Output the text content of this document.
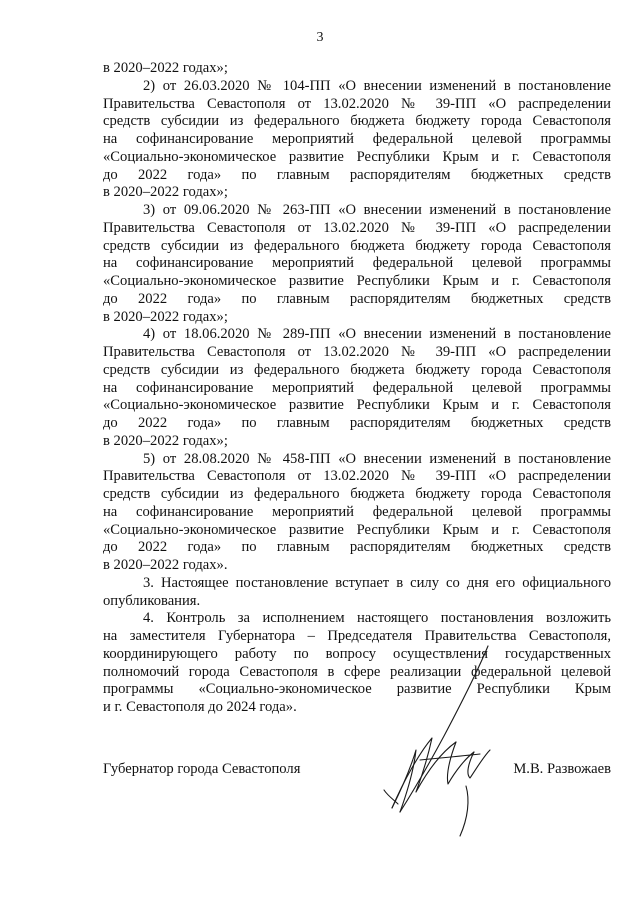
3

в 2020–2022 годах»;

2) от 26.03.2020 № 104-ПП «О внесении изменений в постановление

Правительства Севастополя от 13.02.2020 № 39-ПП «О распределении

средств субсидии из федерального бюджета бюджету города Севастополя

на софинансирование мероприятий федеральной целевой программы

«Социально-экономическое развитие Республики Крым и г. Севастополя

до 2022 года» по главным распорядителям бюджетных средств

в 2020–2022 годах»;

3) от 09.06.2020 № 263-ПП «О внесении изменений в постановление

Правительства Севастополя от 13.02.2020 № 39-ПП «О распределении

средств субсидии из федерального бюджета бюджету города Севастополя

на софинансирование мероприятий федеральной целевой программы

«Социально-экономическое развитие Республики Крым и г. Севастополя

до 2022 года» по главным распорядителям бюджетных средств

в 2020–2022 годах»;

4) от 18.06.2020 № 289-ПП «О внесении изменений в постановление

Правительства Севастополя от 13.02.2020 № 39-ПП «О распределении

средств субсидии из федерального бюджета бюджету города Севастополя

на софинансирование мероприятий федеральной целевой программы

«Социально-экономическое развитие Республики Крым и г. Севастополя

до 2022 года» по главным распорядителям бюджетных средств

в 2020–2022 годах»;

5) от 28.08.2020 № 458-ПП «О внесении изменений в постановление

Правительства Севастополя от 13.02.2020 № 39-ПП «О распределении

средств субсидии из федерального бюджета бюджету города Севастополя

на софинансирование мероприятий федеральной целевой программы

«Социально-экономическое развитие Республики Крым и г. Севастополя

до 2022 года» по главным распорядителям бюджетных средств

в 2020–2022 годах».

3. Настоящее постановление вступает в силу со дня его официального

опубликования.

4. Контроль за исполнением настоящего постановления возложить

на заместителя Губернатора – Председателя Правительства Севастополя,

координирующего работу по вопросу осуществления государственных

полномочий города Севастополя в сфере реализации федеральной целевой

программы «Социально-экономическое развитие Республики Крым

и г. Севастополя до 2024 года».

Губернатор города Севастополя	М.В. Развожаев
